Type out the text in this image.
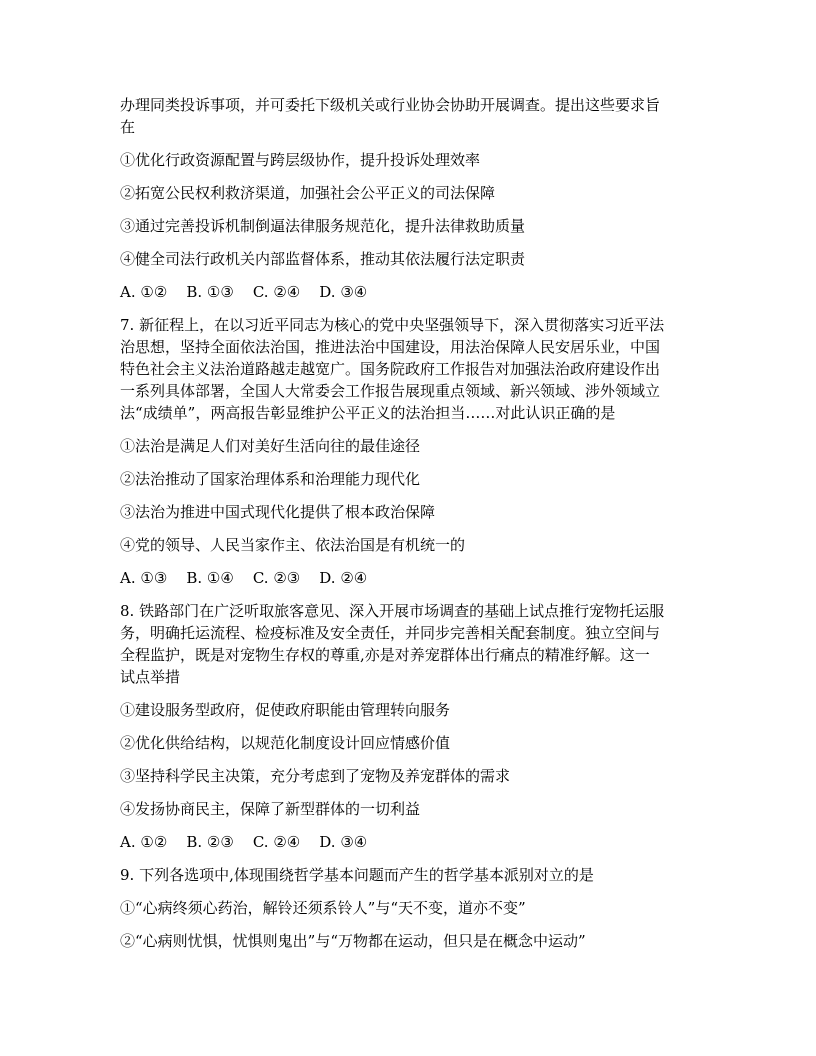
办理同类投诉事项，并可委托下级机关或行业协会协助开展调查。提出这些要求旨

在

①优化行政资源配置与跨层级协作，提升投诉处理效率

②拓宽公民权利救济渠道，加强社会公平正义的司法保障

③通过完善投诉机制倒逼法律服务规范化，提升法律救助质量

④健全司法行政机关内部监督体系，推动其依法履行法定职责

A. ①②    B. ①③    C. ②④    D. ③④

7. 新征程上，在以习近平同志为核心的党中央坚强领导下，深入贯彻落实习近平法

治思想，坚持全面依法治国，推进法治中国建设，用法治保障人民安居乐业，中国

特色社会主义法治道路越走越宽广。国务院政府工作报告对加强法治政府建设作出

一系列具体部署，全国人大常委会工作报告展现重点领域、新兴领域、涉外领域立

法“成绩单”，两高报告彰显维护公平正义的法治担当……对此认识正确的是

①法治是满足人们对美好生活向往的最佳途径

②法治推动了国家治理体系和治理能力现代化

③法治为推进中国式现代化提供了根本政治保障

④党的领导、人民当家作主、依法治国是有机统一的

A. ①③    B. ①④    C. ②③    D. ②④

8. 铁路部门在广泛听取旅客意见、深入开展市场调查的基础上试点推行宠物托运服

务，明确托运流程、检疫标准及安全责任，并同步完善相关配套制度。独立空间与

全程监护，既是对宠物生存权的尊重,亦是对养宠群体出行痛点的精准纾解。这一

试点举措

①建设服务型政府，促使政府职能由管理转向服务

②优化供给结构，以规范化制度设计回应情感价值

③坚持科学民主决策，充分考虑到了宠物及养宠群体的需求

④发扬协商民主，保障了新型群体的一切利益

A. ①②    B. ②③    C. ②④    D. ③④

9. 下列各选项中,体现围绕哲学基本问题而产生的哲学基本派别对立的是

①“心病终须心药治，解铃还须系铃人”与“天不变，道亦不变”

②“心病则忧惧，忧惧则鬼出”与“万物都在运动，但只是在概念中运动”
